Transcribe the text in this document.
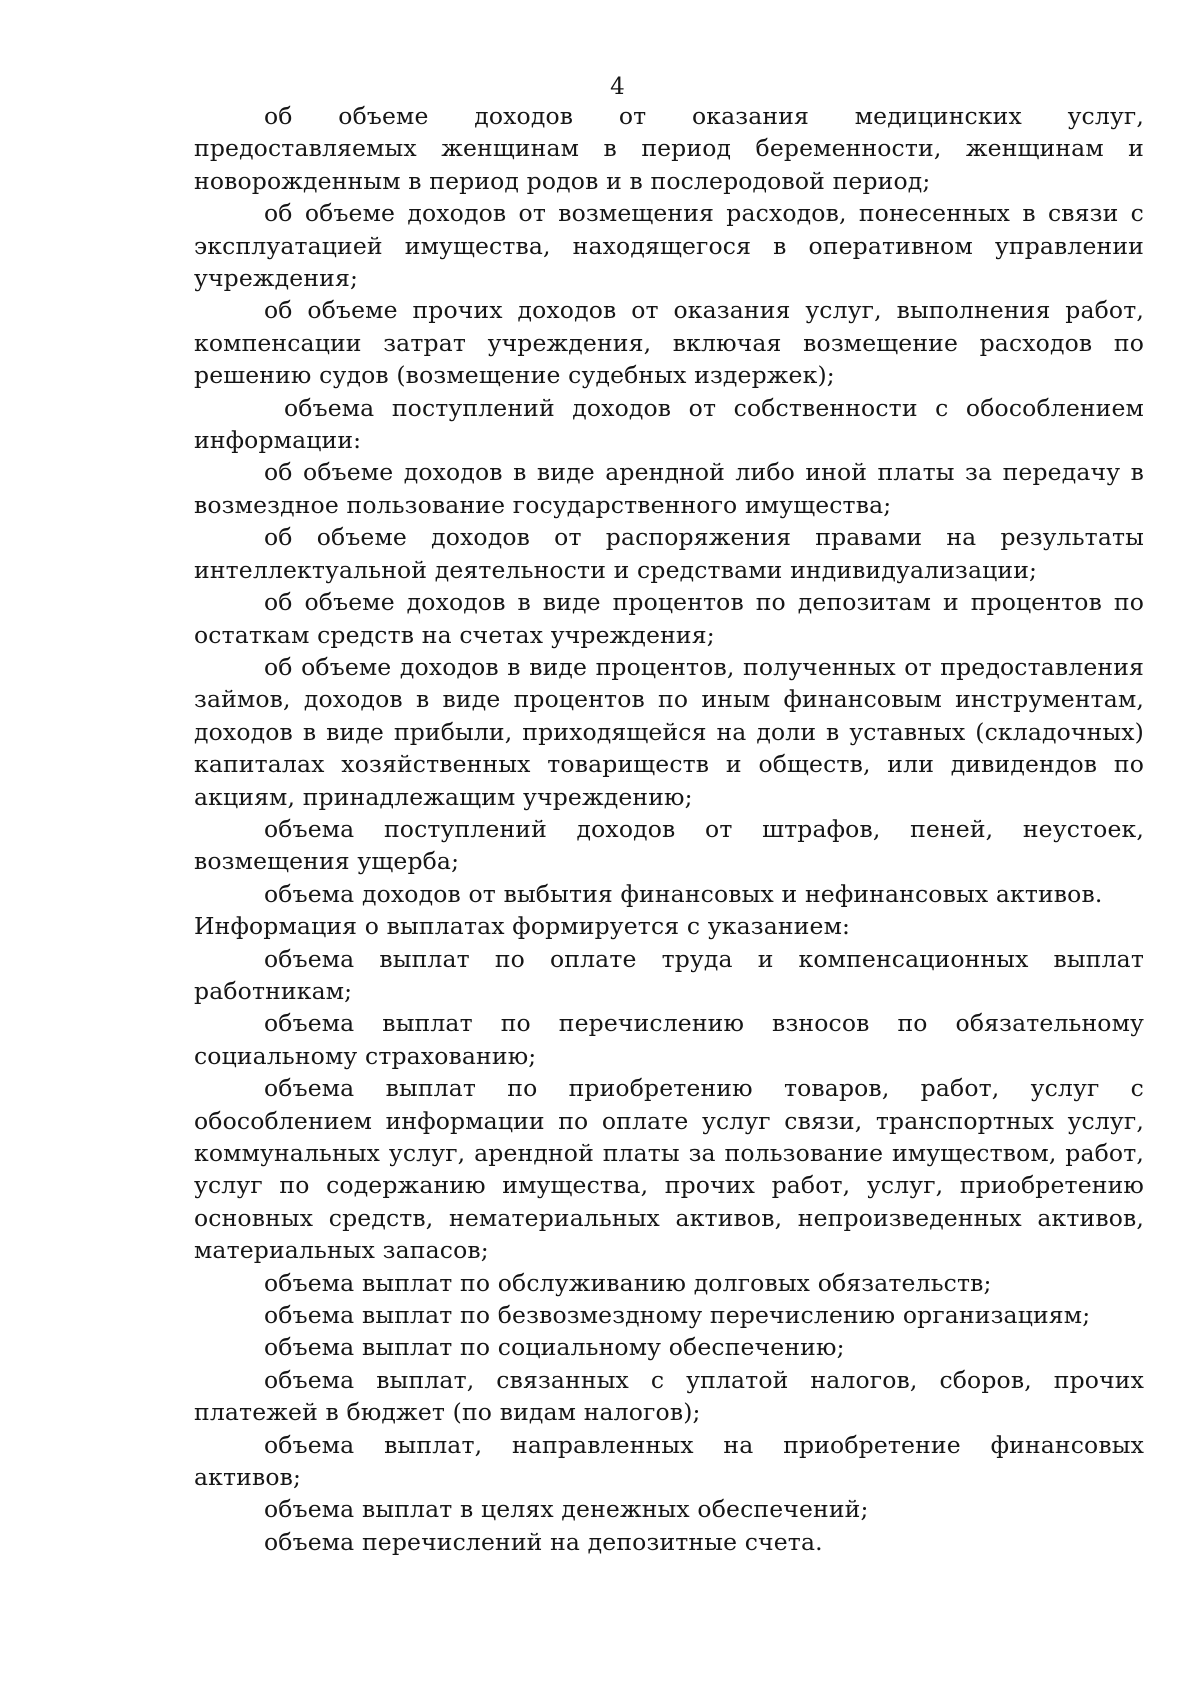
4

об объеме доходов от оказания медицинских услуг, предоставляемых женщинам в период беременности, женщинам и новорожденным в период родов и в послеродовой период;

об объеме доходов от возмещения расходов, понесенных в связи с эксплуатацией имущества, находящегося в оперативном управлении учреждения;

об объеме прочих доходов от оказания услуг, выполнения работ, компенсации затрат учреждения, включая возмещение расходов по решению судов (возмещение судебных издержек);

объема поступлений доходов от собственности с обособлением информации:

об объеме доходов в виде арендной либо иной платы за передачу в возмездное пользование государственного имущества;

об объеме доходов от распоряжения правами на результаты интеллектуальной деятельности и средствами индивидуализации;

об объеме доходов в виде процентов по депозитам и процентов по остаткам средств на счетах учреждения;

об объеме доходов в виде процентов, полученных от предоставления займов, доходов в виде процентов по иным финансовым инструментам, доходов в виде прибыли, приходящейся на доли в уставных (складочных) капиталах хозяйственных товариществ и обществ, или дивидендов по акциям, принадлежащим учреждению;

объема поступлений доходов от штрафов, пеней, неустоек, возмещения ущерба;

объема доходов от выбытия финансовых и нефинансовых активов.

Информация о выплатах формируется с указанием:

объема выплат по оплате труда и компенсационных выплат работникам;

объема выплат по перечислению взносов по обязательному социальному страхованию;

объема выплат по приобретению товаров, работ, услуг с обособлением информации по оплате услуг связи, транспортных услуг, коммунальных услуг, арендной платы за пользование имуществом, работ, услуг по содержанию имущества, прочих работ, услуг, приобретению основных средств, нематериальных активов, непроизведенных активов, материальных запасов;

объема выплат по обслуживанию долговых обязательств;

объема выплат по безвозмездному перечислению организациям;

объема выплат по социальному обеспечению;

объема выплат, связанных с уплатой налогов, сборов, прочих платежей в бюджет (по видам налогов);

объема выплат, направленных на приобретение финансовых активов;

объема выплат в целях денежных обеспечений;

объема перечислений на депозитные счета.
